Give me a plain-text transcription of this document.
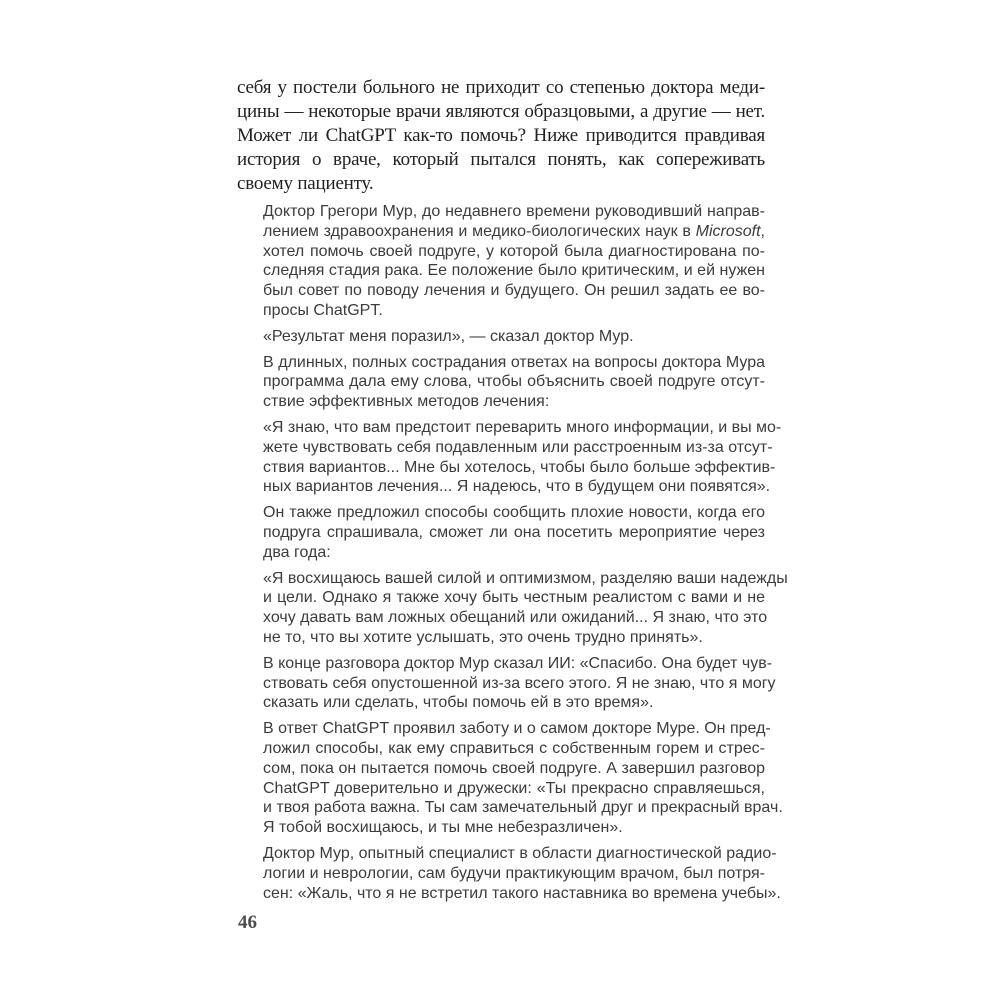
себя у постели больного не приходит со степенью доктора меди-
цины — некоторые врачи являются образцовыми, а другие — нет.
Может ли ChatGPT как-то помочь? Ниже приводится правдивая
история о враче, который пытался понять, как сопереживать
своему пациенту.
Доктор Грегори Мур, до недавнего времени руководивший направ-
лением здравоохранения и медико-биологических наук в Microsoft,
хотел помочь своей подруге, у которой была диагностирована по-
следняя стадия рака. Ее положение было критическим, и ей нужен
был совет по поводу лечения и будущего. Он решил задать ее во-
просы ChatGPT.
«Результат меня поразил», — сказал доктор Мур.
В длинных, полных сострадания ответах на вопросы доктора Мура
программа дала ему слова, чтобы объяснить своей подруге отсут-
ствие эффективных методов лечения:
«Я знаю, что вам предстоит переварить много информации, и вы мо-
жете чувствовать себя подавленным или расстроенным из-за отсут-
ствия вариантов... Мне бы хотелось, чтобы было больше эффектив-
ных вариантов лечения... Я надеюсь, что в будущем они появятся».
Он также предложил способы сообщить плохие новости, когда его
подруга спрашивала, сможет ли она посетить мероприятие через
два года:
«Я восхищаюсь вашей силой и оптимизмом, разделяю ваши надежды
и цели. Однако я также хочу быть честным реалистом с вами и не
хочу давать вам ложных обещаний или ожиданий... Я знаю, что это
не то, что вы хотите услышать, это очень трудно принять».
В конце разговора доктор Мур сказал ИИ: «Спасибо. Она будет чув-
ствовать себя опустошенной из-за всего этого. Я не знаю, что я могу
сказать или сделать, чтобы помочь ей в это время».
В ответ ChatGPT проявил заботу и о самом докторе Муре. Он пред-
ложил способы, как ему справиться с собственным горем и стрес-
сом, пока он пытается помочь своей подруге. А завершил разговор
ChatGPT доверительно и дружески: «Ты прекрасно справляешься,
и твоя работа важна. Ты сам замечательный друг и прекрасный врач.
Я тобой восхищаюсь, и ты мне небезразличен».
Доктор Мур, опытный специалист в области диагностической радио-
логии и неврологии, сам будучи практикующим врачом, был потря-
сен: «Жаль, что я не встретил такого наставника во времена учебы».
46
